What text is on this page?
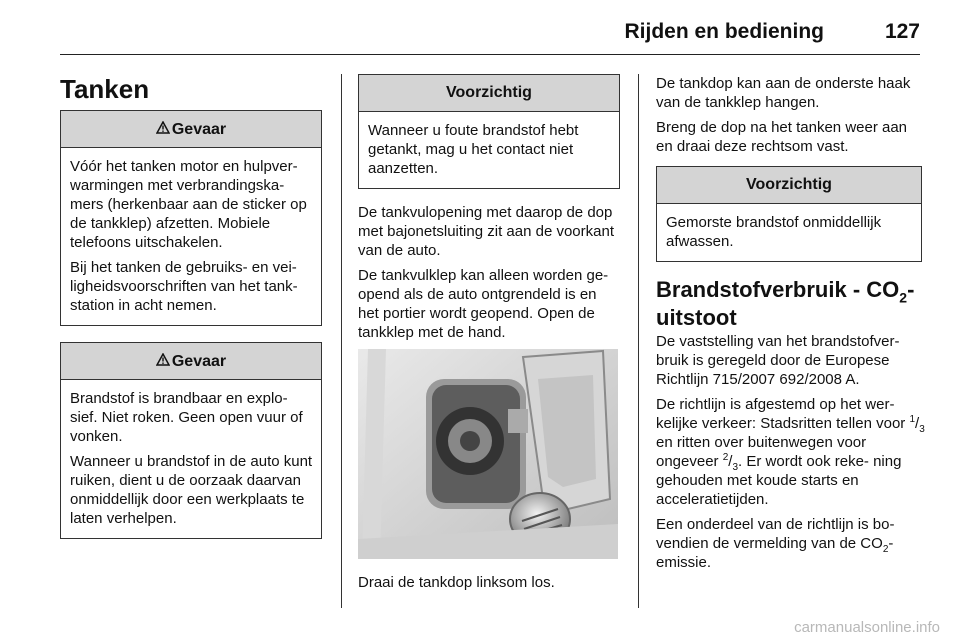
Rijden en bediening	127
Tanken
Gevaar

Vóór het tanken motor en hulpver- warmingen met verbrandingska- mers (herkenbaar aan de sticker op de tankklep) afzetten. Mobiele telefoons uitschakelen.

Bij het tanken de gebruiks- en vei- ligheidsvoorschriften van het tank- station in acht nemen.

Gevaar

Brandstof is brandbaar en explo- sief. Niet roken. Geen open vuur of vonken.

Wanneer u brandstof in de auto kunt ruiken, dient u de oorzaak daarvan onmiddellijk door een werkplaats te laten verhelpen.

Voorzichtig

Wanneer u foute brandstof hebt getankt, mag u het contact niet aanzetten.

De tankvulopening met daarop de dop met bajonetsluiting zit aan de voorkant van de auto.

De tankvulklep kan alleen worden ge- opend als de auto ontgrendeld is en het portier wordt geopend. Open de tankklep met de hand.

Draai de tankdop linksom los.

De tankdop kan aan de onderste haak van de tankklep hangen.

Breng de dop na het tanken weer aan en draai deze rechtsom vast.

Voorzichtig

Gemorste brandstof onmiddellijk afwassen.

Brandstofverbruik - $CO_2-$
uitstoot

De vaststelling van het brandstofver- bruik is geregeld door de Europese Richtlijn 715/2007 692/2008 A.

De richtlijn is afgestemd op het wer- kelijke verkeer: Stadsritten tellen voor $^1/_3$ en ritten over buitenwegen voor ongeveer $^2/_3$. Er wordt ook reke- ning gehouden met koude starts en acceleratietijden.

Een onderdeel van de richtlijn is bo- vendien de vermelding van de $CO_2-$ emissie.

carmanualsonline.info
